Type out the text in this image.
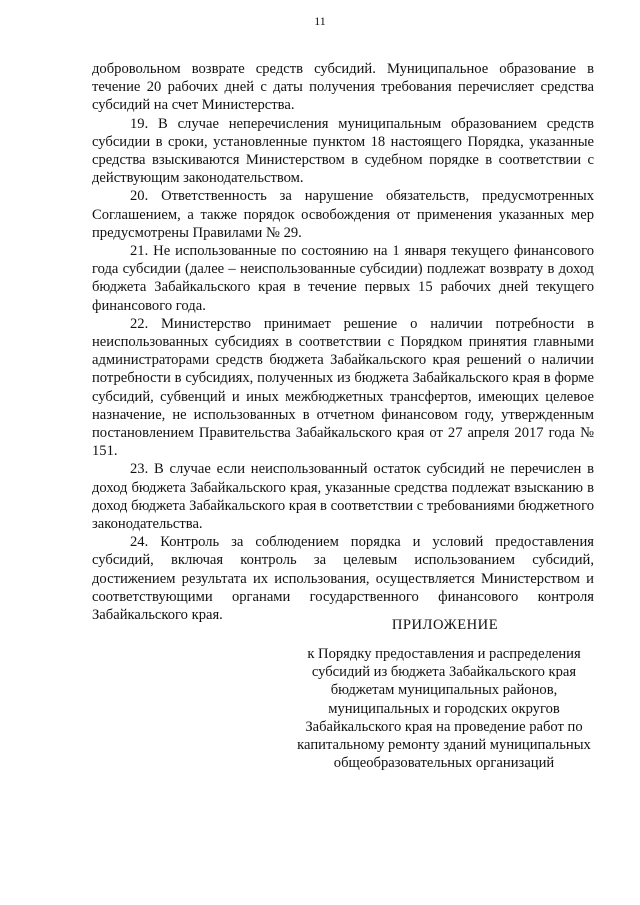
11

добровольном возврате средств субсидий. Муниципальное образование в течение 20 рабочих дней с даты получения требования перечисляет средства субсидий на счет Министерства.

19. В случае неперечисления муниципальным образованием средств субсидии в сроки, установленные пунктом 18 настоящего Порядка, указанные средства взыскиваются Министерством в судебном порядке в соответствии с действующим законодательством.

20. Ответственность за нарушение обязательств, предусмотренных Соглашением, а также порядок освобождения от применения указанных мер предусмотрены Правилами № 29.

21. Не использованные по состоянию на 1 января текущего финансового года субсидии (далее – неиспользованные субсидии) подлежат возврату в доход бюджета Забайкальского края в течение первых 15 рабочих дней текущего финансового года.

22. Министерство принимает решение о наличии потребности в неиспользованных субсидиях в соответствии с Порядком принятия главными администраторами средств бюджета Забайкальского края решений о наличии потребности в субсидиях, полученных из бюджета Забайкальского края в форме субсидий, субвенций и иных межбюджетных трансфертов, имеющих целевое назначение, не использованных в отчетном финансовом году, утвержденным постановлением Правительства Забайкальского края от 27 апреля 2017 года № 151.

23. В случае если неиспользованный остаток субсидий не перечислен в доход бюджета Забайкальского края, указанные средства подлежат взысканию в доход бюджета Забайкальского края в соответствии с требованиями бюджетного законодательства.

24. Контроль за соблюдением порядка и условий предоставления субсидий, включая контроль за целевым использованием субсидий, достижением результата их использования, осуществляется Министерством и соответствующими органами государственного финансового контроля Забайкальского края.

ПРИЛОЖЕНИЕ
к Порядку предоставления и распределения
субсидий из бюджета Забайкальского края
бюджетам муниципальных районов,
муниципальных и городских округов
Забайкальского края на проведение работ по
капитальному ремонту зданий муниципальных
общеобразовательных организаций
